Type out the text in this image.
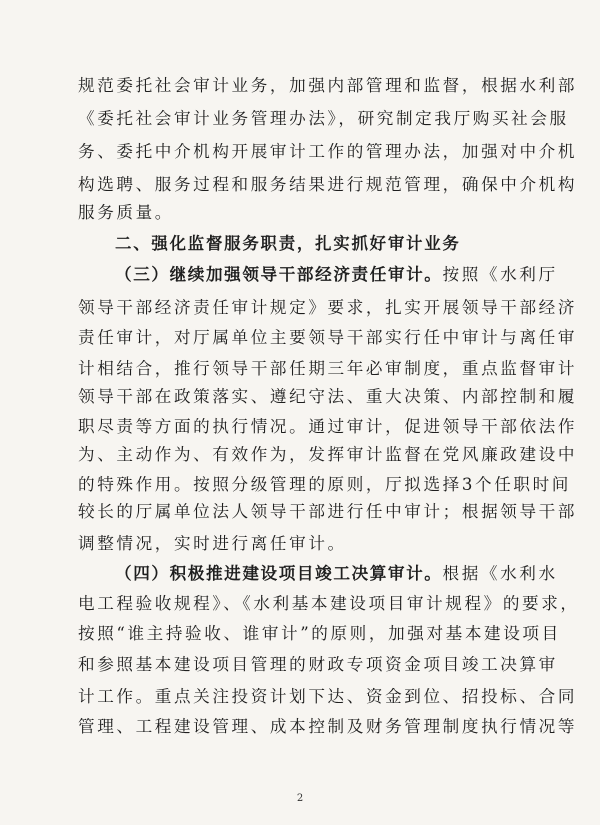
规范委托社会审计业务，加强内部管理和监督，根据水利部
《委托社会审计业务管理办法》，研究制定我厅购买社会服
务、委托中介机构开展审计工作的管理办法，加强对中介机
构选聘、服务过程和服务结果进行规范管理，确保中介机构
服务质量。
二、强化监督服务职责，扎实抓好审计业务
（三）继续加强领导干部经济责任审计。按照《水利厅
领导干部经济责任审计规定》要求，扎实开展领导干部经济
责任审计，对厅属单位主要领导干部实行任中审计与离任审
计相结合，推行领导干部任期三年必审制度，重点监督审计
领导干部在政策落实、遵纪守法、重大决策、内部控制和履
职尽责等方面的执行情况。通过审计，促进领导干部依法作
为、主动作为、有效作为，发挥审计监督在党风廉政建设中
的特殊作用。按照分级管理的原则，厅拟选择3个任职时间
较长的厅属单位法人领导干部进行任中审计；根据领导干部
调整情况，实时进行离任审计。
（四）积极推进建设项目竣工决算审计。根据《水利水
电工程验收规程》、《水利基本建设项目审计规程》的要求，
按照“谁主持验收、谁审计”的原则，加强对基本建设项目
和参照基本建设项目管理的财政专项资金项目竣工决算审
计工作。重点关注投资计划下达、资金到位、招投标、合同
管理、工程建设管理、成本控制及财务管理制度执行情况等
2
